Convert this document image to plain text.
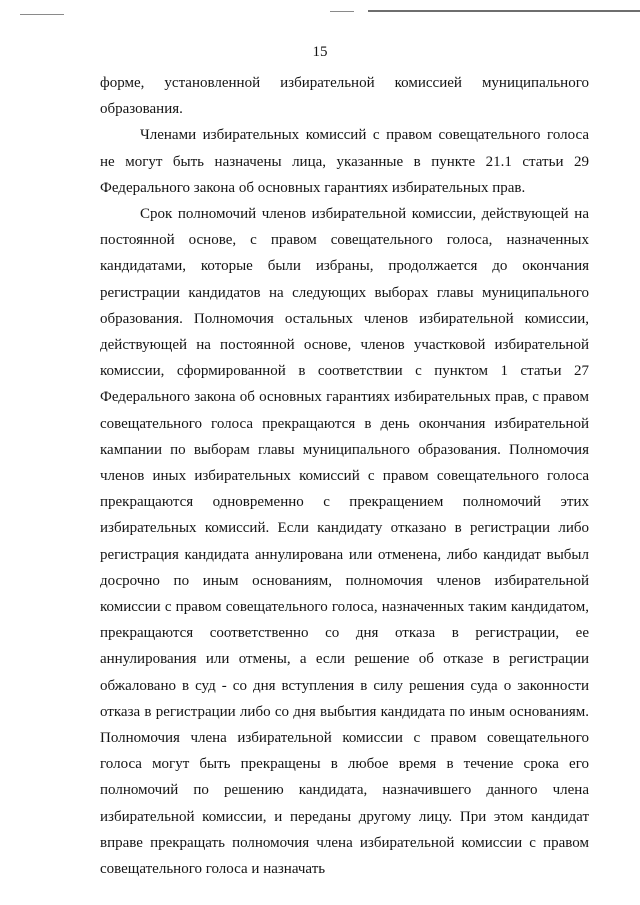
15

форме, установленной избирательной комиссией муниципального образования.

Членами избирательных комиссий с правом совещательного голоса не могут быть назначены лица, указанные в пункте 21.1 статьи 29 Федерального закона об основных гарантиях избирательных прав.

Срок полномочий членов избирательной комиссии, действующей на постоянной основе, с правом совещательного голоса, назначенных кандидатами, которые были избраны, продолжается до окончания регистрации кандидатов на следующих выборах главы муниципального образования. Полномочия остальных членов избирательной комиссии, действующей на постоянной основе, членов участковой избирательной комиссии, сформированной в соответствии с пунктом 1 статьи 27 Федерального закона об основных гарантиях избирательных прав, с правом совещательного голоса прекращаются в день окончания избирательной кампании по выборам главы муниципального образования. Полномочия членов иных избирательных комиссий с правом совещательного голоса прекращаются одновременно с прекращением полномочий этих избирательных комиссий. Если кандидату отказано в регистрации либо регистрация кандидата аннулирована или отменена, либо кандидат выбыл досрочно по иным основаниям, полномочия членов избирательной комиссии с правом совещательного голоса, назначенных таким кандидатом, прекращаются соответственно со дня отказа в регистрации, ее аннулирования или отмены, а если решение об отказе в регистрации обжаловано в суд - со дня вступления в силу решения суда о законности отказа в регистрации либо со дня выбытия кандидата по иным основаниям. Полномочия члена избирательной комиссии с правом совещательного голоса могут быть прекращены в любое время в течение срока его полномочий по решению кандидата, назначившего данного члена избирательной комиссии, и переданы другому лицу. При этом кандидат вправе прекращать полномочия члена избирательной комиссии с правом совещательного голоса и назначать
